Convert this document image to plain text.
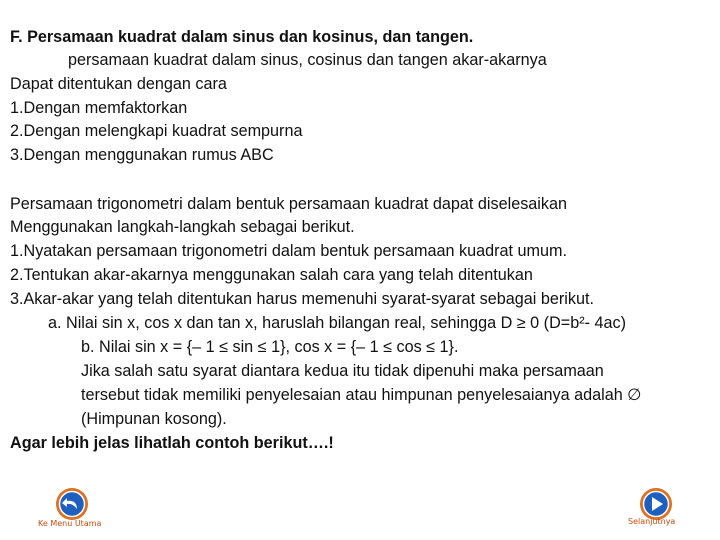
F. Persamaan kuadrat dalam sinus dan kosinus, dan tangen.
persamaan kuadrat dalam sinus, cosinus dan tangen akar-akarnya
Dapat ditentukan dengan cara
1.Dengan memfaktorkan
2.Dengan melengkapi kuadrat sempurna
3.Dengan menggunakan rumus ABC
Persamaan trigonometri dalam bentuk persamaan kuadrat dapat diselesaikan
Menggunakan langkah-langkah sebagai berikut.
1.Nyatakan persamaan trigonometri dalam bentuk persamaan kuadrat umum.
2.Tentukan akar-akarnya menggunakan salah cara yang telah ditentukan
3.Akar-akar yang telah ditentukan harus memenuhi syarat-syarat sebagai berikut.
a. Nilai sin x, cos x dan tan x, haruslah bilangan real, sehingga D ≥ 0 (D=b²- 4ac)
b. Nilai sin x = {– 1 ≤ sin ≤ 1}, cos x = {– 1 ≤ cos ≤ 1}.
Jika salah satu syarat diantara kedua itu tidak dipenuhi maka persamaan
tersebut tidak memiliki penyelesaian atau himpunan penyelesaianya adalah ∅
(Himpunan kosong).
Agar lebih jelas lihatlah contoh berikut….!
Ke Menu Utama	Selanjutnya
